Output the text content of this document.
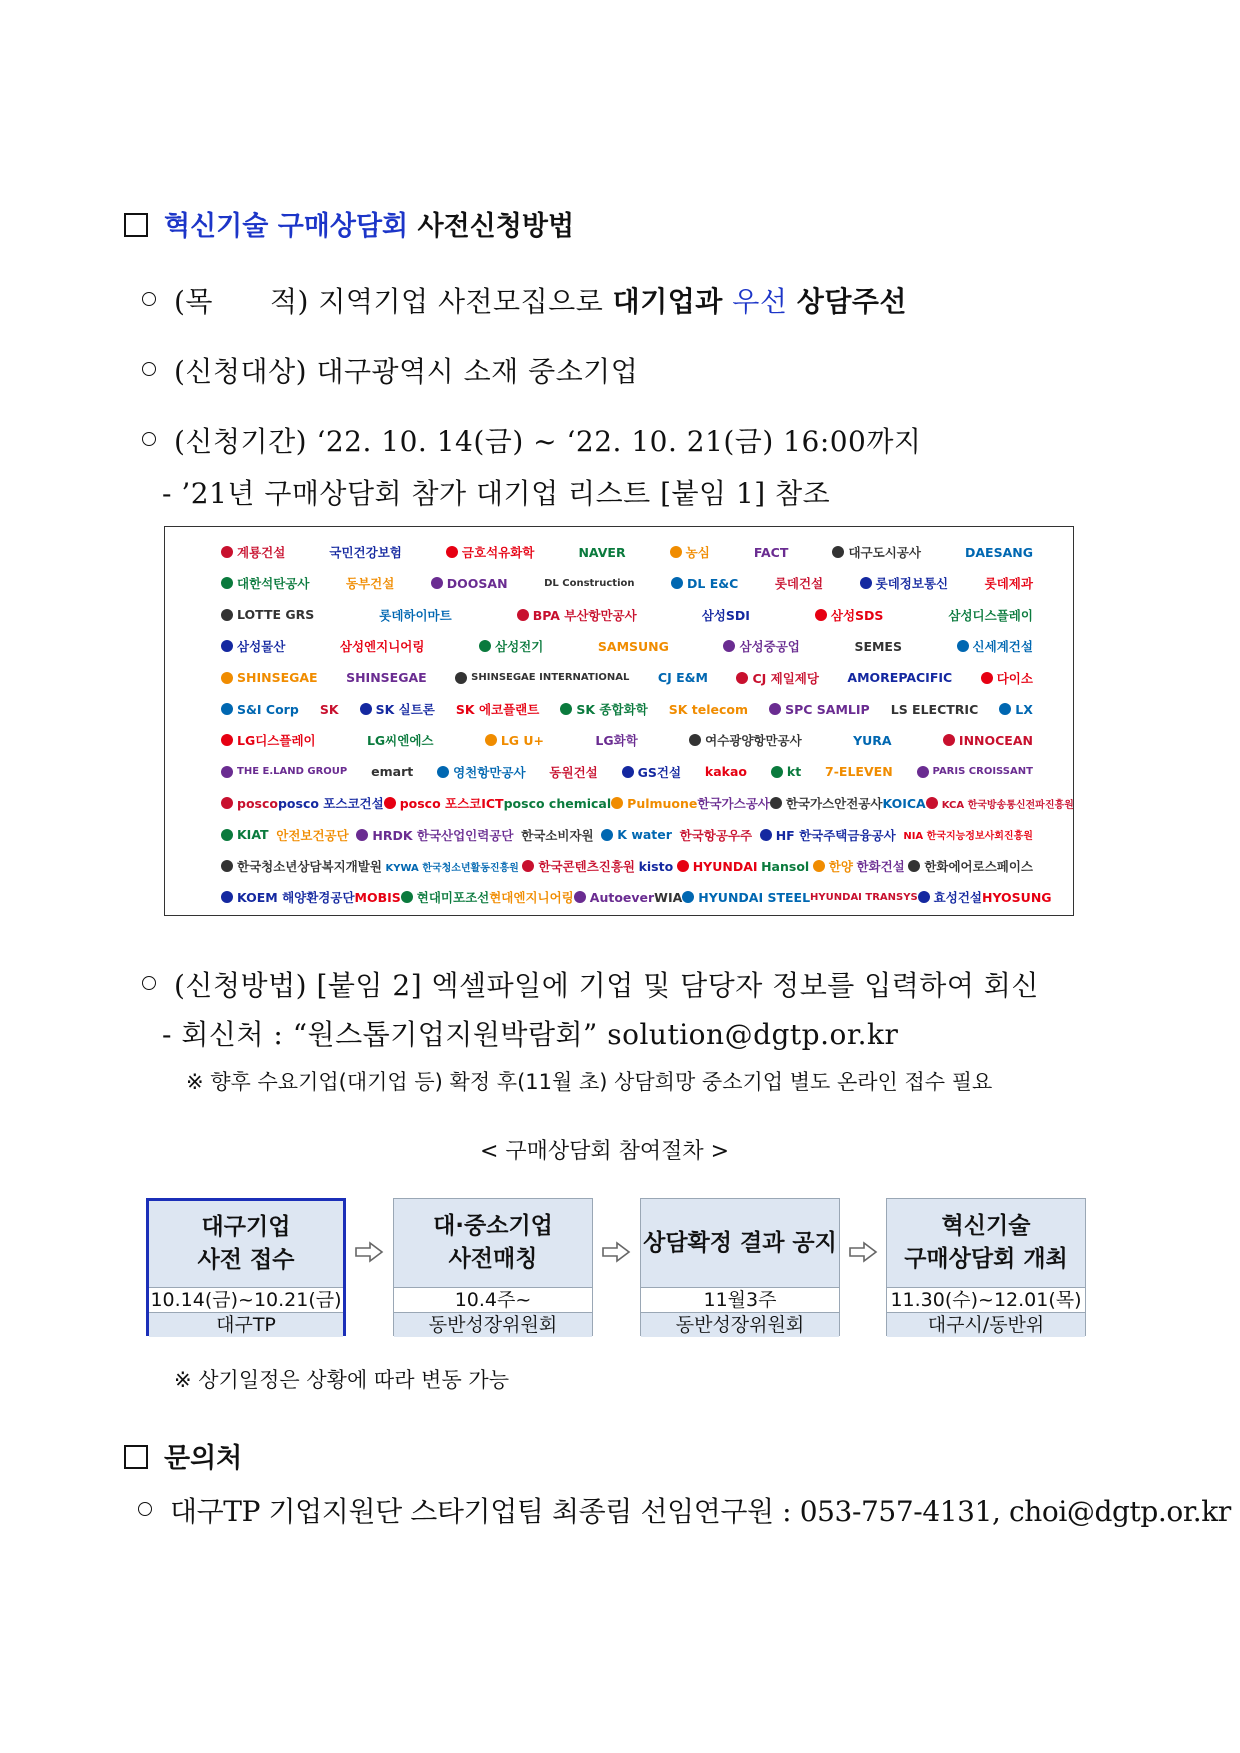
혁신기술 구매상담회 사전신청방법
(목　　적) 지역기업 사전모집으로 대기업과 우선 상담주선
(신청대상) 대구광역시 소재 중소기업
(신청기간) ‘22. 10. 14(금) ~ ‘22. 10. 21(금) 16:00까지
- ’21년 구매상담회 참가 대기업 리스트 [붙임 1] 참조
계룡건설	국민건강보험	금호석유화학	NAVER	농심	FACT	대구도시공사	DAESANG
대한석탄공사	동부건설	DOOSAN	DL Construction	DL E&C	롯데건설	롯데정보통신	롯데제과
LOTTE GRS	롯데하이마트	BPA 부산항만공사	삼성SDI	삼성SDS	삼성디스플레이
삼성물산	삼성엔지니어링	삼성전기	SAMSUNG	삼성중공업	SEMES	신세계건설
SHINSEGAE SHINSEGAE	SHINSEGAE INTERNATIONAL CJ E&M	CJ 제일제당 AMOREPACIFIC	다이소
S&I Corp SK	SK 실트론 SK 에코플랜트	SK 종합화학 SK telecom	SPC SAMLIP LS ELECTRIC	LX
LG디스플레이	LG씨엔에스	LG U+	LG화학	여수광양항만공사	YURA	INNOCEAN
THE E.LAND GROUP emart	영천항만공사 동원건설	GS건설 kakao	kt 7-ELEVEN	PARIS CROISSANT
posco posco 포스코건설 posco 포스코ICT posco chemical Pulmuone 한국가스공사 한국가스안전공사 KOICA KCA 한국방송통신전파진흥원
KIAT 안전보건공단 HRDK 한국산업인력공단 한국소비자원 K water 한국항공우주 HF 한국주택금융공사 NIA 한국지능정보사회진흥원
한국청소년상담복지개발원 KYWA 한국청소년활동진흥원 한국콘텐츠진흥원 kisto HYUNDAI Hansol 한양 한화건설 한화에어로스페이스
KOEM 해양환경공단 MOBIS 현대미포조선 현대엔지니어링 Autoever WIA HYUNDAI STEEL HYUNDAI TRANSYS 효성건설 HYOSUNG
(신청방법) [붙임 2] 엑셀파일에 기업 및 담당자 정보를 입력하여 회신
- 회신처 : “원스톱기업지원박람회” solution@dgtp.or.kr
※ 향후 수요기업(대기업 등) 확정 후(11월 초) 상담희망 중소기업 별도 온라인 접수 필요
< 구매상담회 참여절차 >
대구기업
사전 접수
10.14(금)~10.21(금)
대구TP
대·중소기업
사전매칭
10.4주~
동반성장위원회
상담확정 결과 공지
11월3주
동반성장위원회
혁신기술
구매상담회 개최
11.30(수)~12.01(목)
대구시/동반위
※ 상기일정은 상황에 따라 변동 가능
문의처
대구TP 기업지원단 스타기업팀 최종림 선임연구원 : 053-757-4131, choi@dgtp.or.kr
